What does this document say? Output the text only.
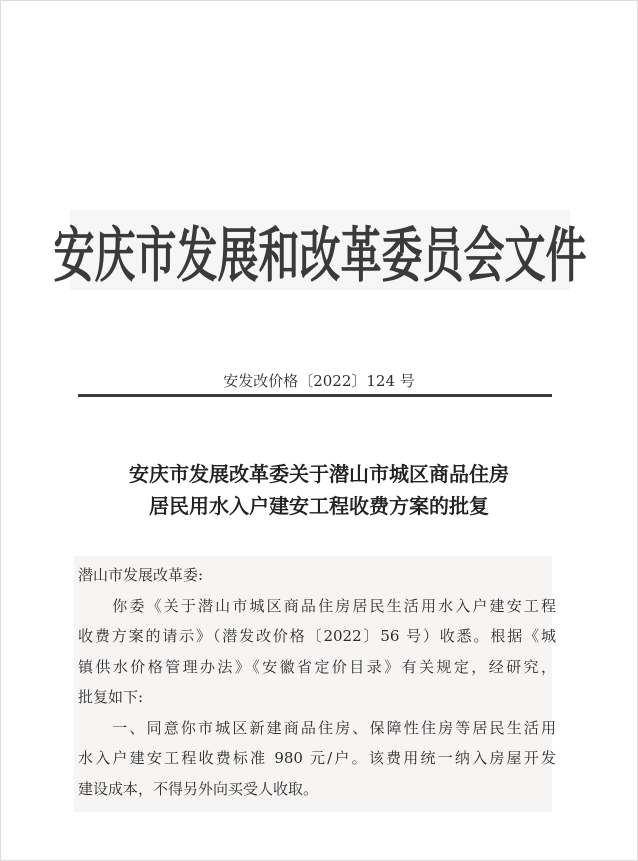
安庆市发展和改革委员会文件
安发改价格〔2022〕124 号
安庆市发展改革委关于潜山市城区商品住房
居民用水入户建安工程收费方案的批复
潜山市发展改革委:
　　你委《关于潜山市城区商品住房居民生活用水入户建安工程
收费方案的请示》（潜发改价格〔2022〕56 号）收悉。根据《城
镇供水价格管理办法》《安徽省定价目录》有关规定，经研究，
批复如下:
　　一、同意你市城区新建商品住房、保障性住房等居民生活用
水入户建安工程收费标准 980 元/户。该费用统一纳入房屋开发
建设成本，不得另外向买受人收取。
